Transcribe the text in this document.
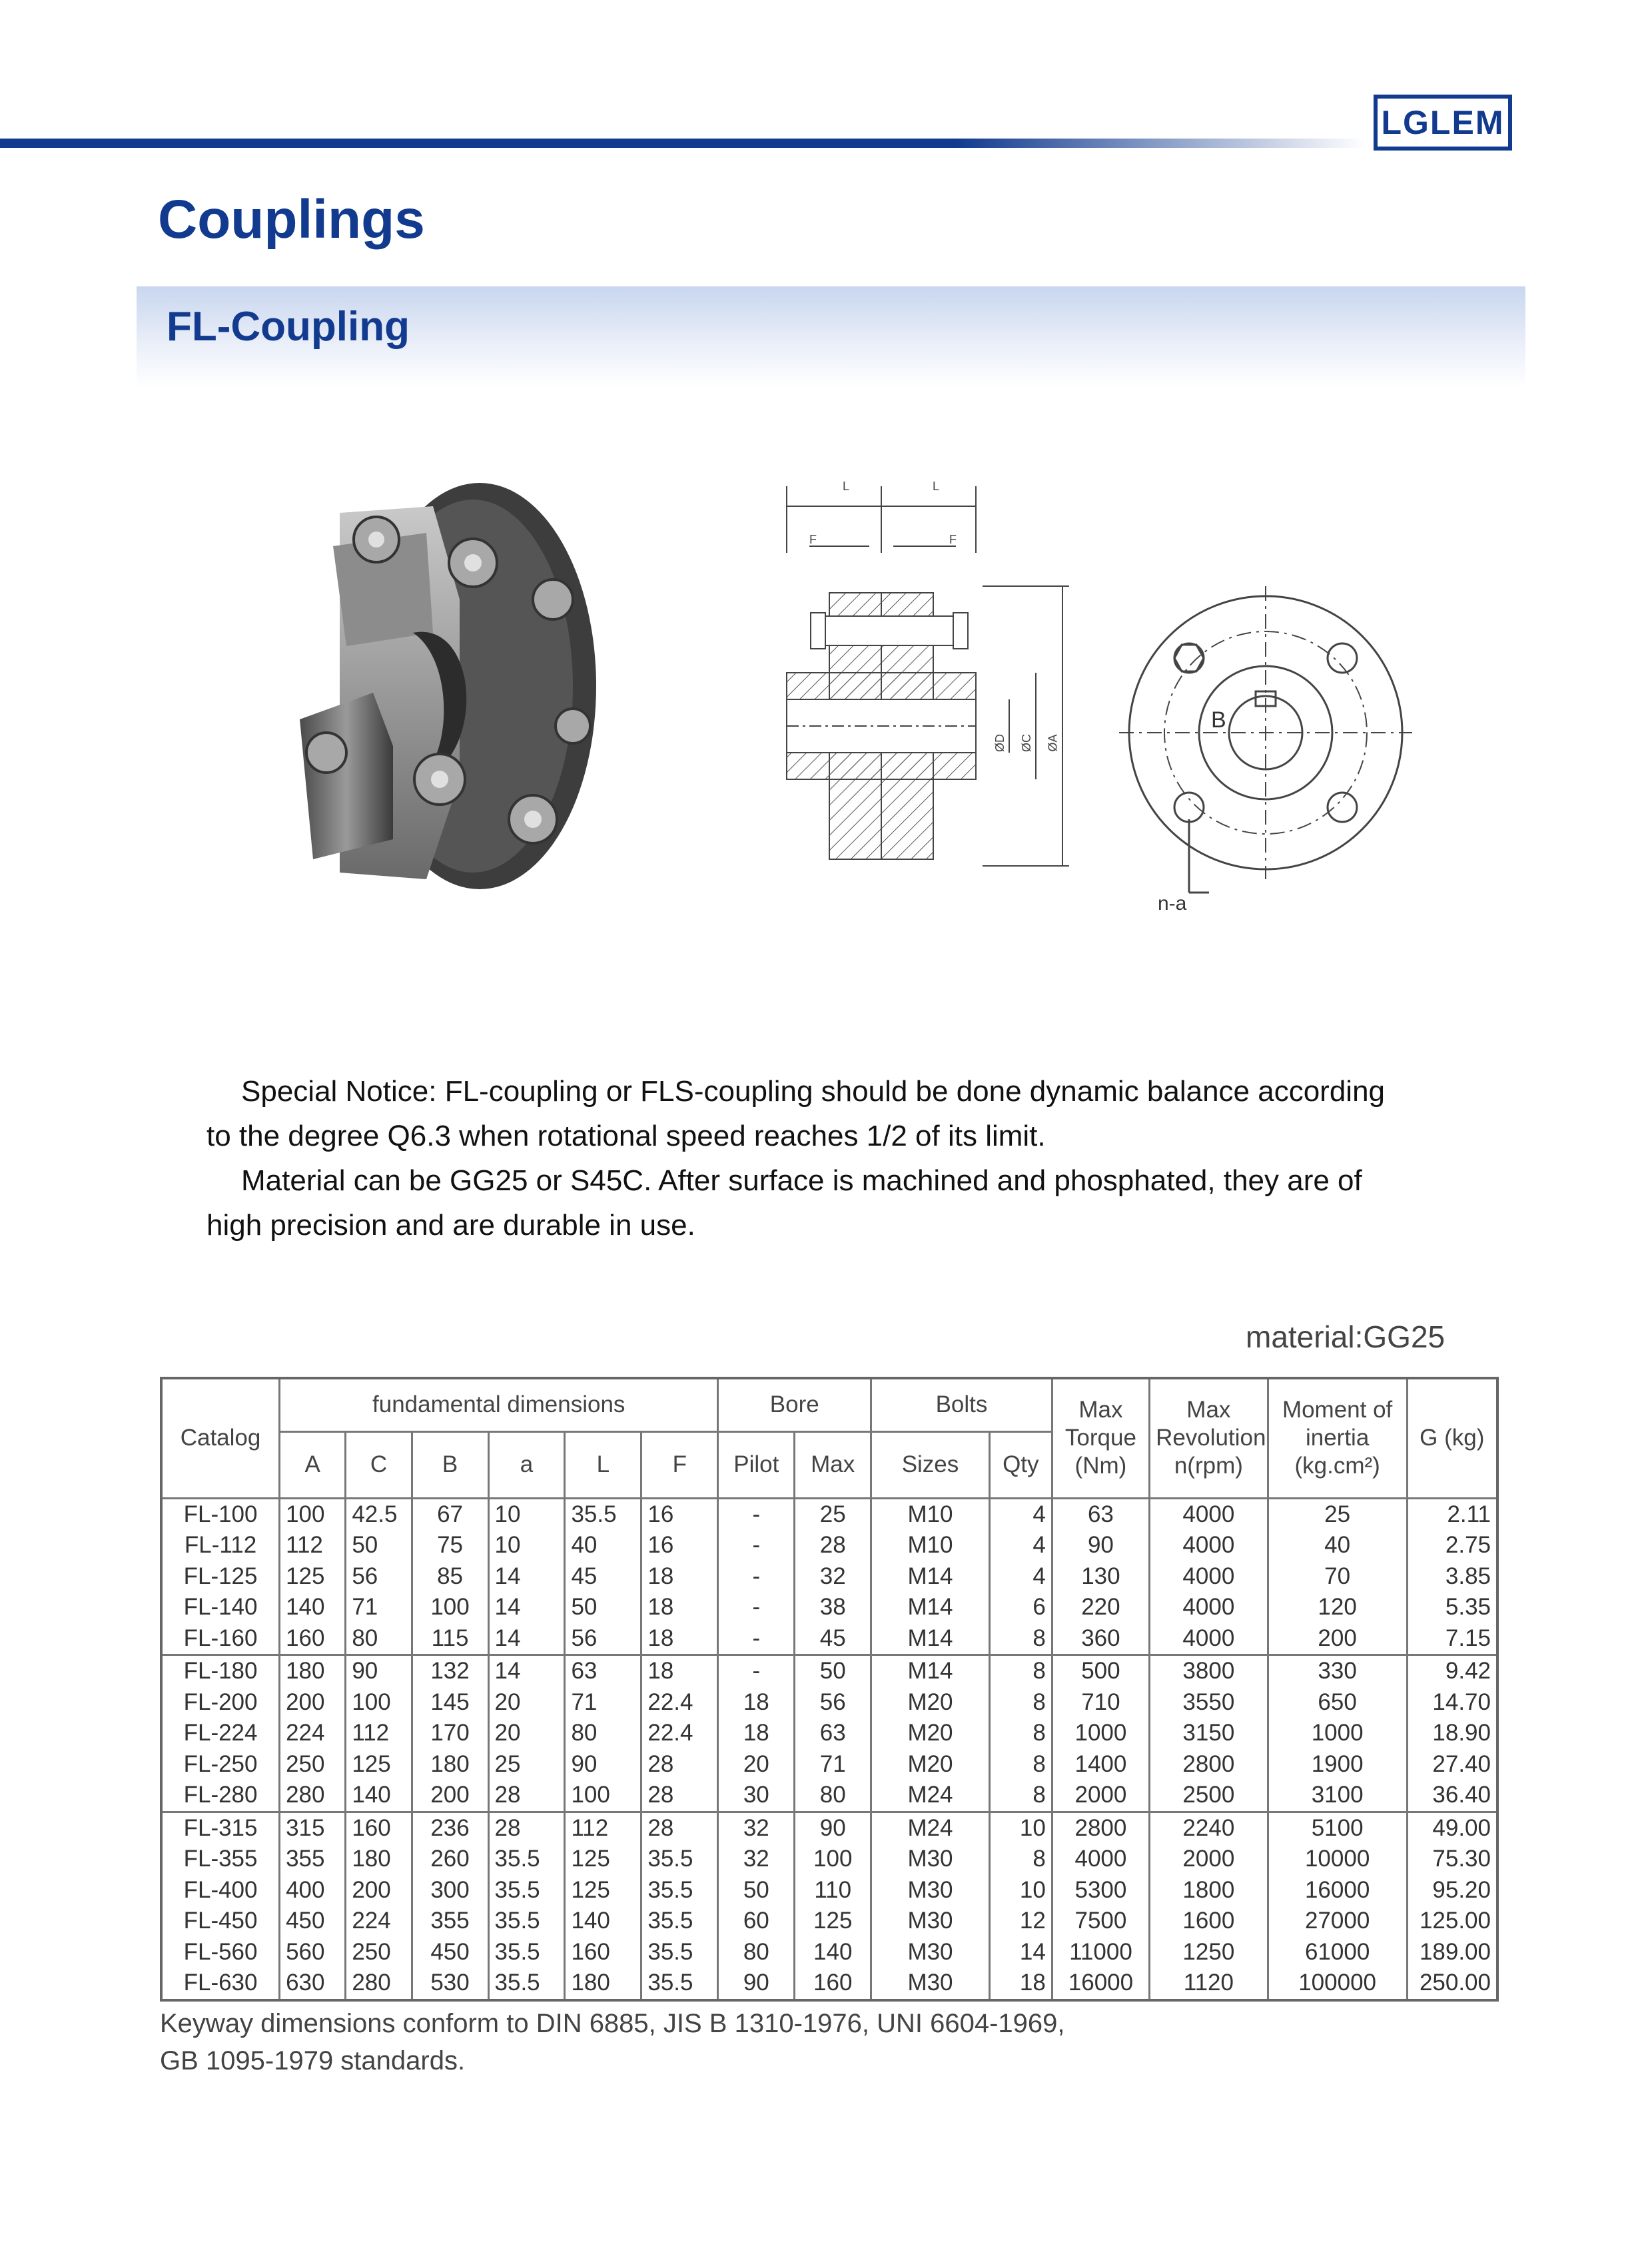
LGLEM
Couplings
FL-Coupling
L	L
F	F
ØD ØC ØA
B
n-a

Special Notice: FL-coupling or FLS-coupling should be done dynamic balance according

to the degree Q6.3 when rotational speed reaches 1/2 of its limit.

Material can be GG25 or S45C. After surface is machined and phosphated, they are of

high precision and are durable in use.

material:GG25
Catalog	fundamental dimensions						Bore		Bolts		Max Torque (Nm)	Max Revolution n(rpm)	Moment of inertia (kg.cm²)	G (kg)
	A	C	B	a	L	F	Pilot	Max	Sizes	Qty				
FL-100	100	42.5	67	10	35.5	16	-	25	M10	4	63	4000	25	2.11
FL-112	112	50	75	10	40	16	-	28	M10	4	90	4000	40	2.75
FL-125	125	56	85	14	45	18	-	32	M14	4	130	4000	70	3.85
FL-140	140	71	100	14	50	18	-	38	M14	6	220	4000	120	5.35
FL-160	160	80	115	14	56	18	-	45	M14	8	360	4000	200	7.15
FL-180	180	90	132	14	63	18	-	50	M14	8	500	3800	330	9.42
FL-200	200	100	145	20	71	22.4	18	56	M20	8	710	3550	650	14.70
FL-224	224	112	170	20	80	22.4	18	63	M20	8	1000	3150	1000	18.90
FL-250	250	125	180	25	90	28	20	71	M20	8	1400	2800	1900	27.40
FL-280	280	140	200	28	100	28	30	80	M24	8	2000	2500	3100	36.40
FL-315	315	160	236	28	112	28	32	90	M24	10	2800	2240	5100	49.00
FL-355	355	180	260	35.5	125	35.5	32	100	M30	8	4000	2000	10000	75.30
FL-400	400	200	300	35.5	125	35.5	50	110	M30	10	5300	1800	16000	95.20
FL-450	450	224	355	35.5	140	35.5	60	125	M30	12	7500	1600	27000	125.00
FL-560	560	250	450	35.5	160	35.5	80	140	M30	14	11000	1250	61000	189.00
FL-630	630	280	530	35.5	180	35.5	90	160	M30	18	16000	1120	100000	250.00
Keyway dimensions conform to DIN 6885, JIS B 1310-1976, UNI 6604-1969,
GB 1095-1979 standards.
